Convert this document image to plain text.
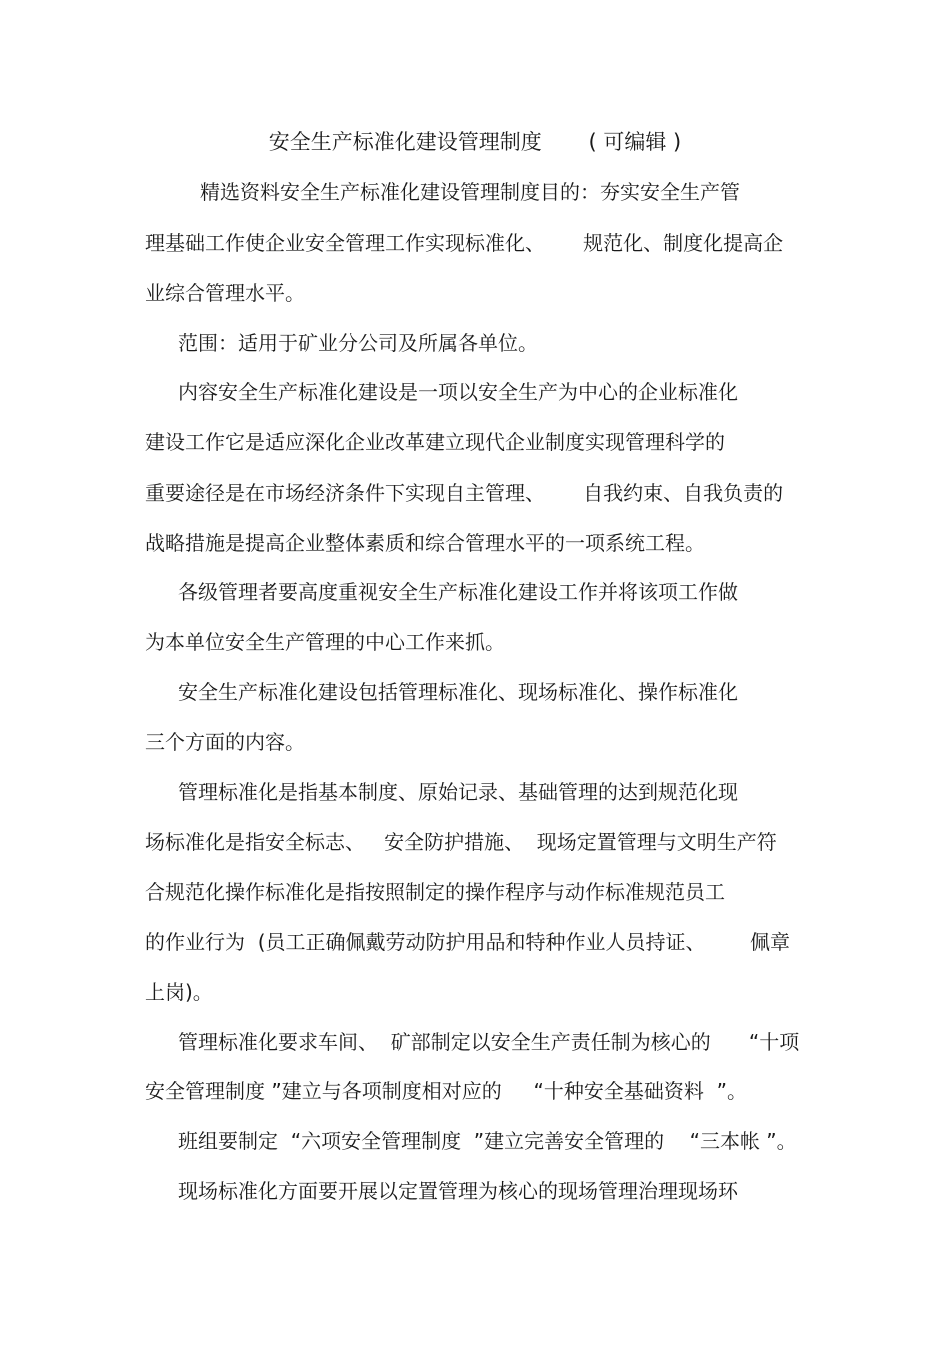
安全生产标准化建设管理制度       ( 可编辑 )
精选资料安全生产标准化建设管理制度目的：夯实安全生产管
理基础工作使企业安全管理工作实现标准化、      规范化、制度化提高企
业综合管理水平。
范围：适用于矿业分公司及所属各单位。
内容安全生产标准化建设是一项以安全生产为中心的企业标准化
建设工作它是适应深化企业改革建立现代企业制度实现管理科学的
重要途径是在市场经济条件下实现自主管理、      自我约束、自我负责的
战略措施是提高企业整体素质和综合管理水平的一项系统工程。
各级管理者要高度重视安全生产标准化建设工作并将该项工作做
为本单位安全生产管理的中心工作来抓。
安全生产标准化建设包括管理标准化、现场标准化、操作标准化
三个方面的内容。
管理标准化是指基本制度、原始记录、基础管理的达到规范化现
场标准化是指安全标志、   安全防护措施、  现场定置管理与文明生产符
合规范化操作标准化是指按照制定的操作程序与动作标准规范员工
的作业行为  (员工正确佩戴劳动防护用品和特种作业人员持证、       佩章
上岗)。
管理标准化要求车间、  矿部制定以安全生产责任制为核心的      “十项
安全管理制度 ”建立与各项制度相对应的     “十种安全基础资料  ”。
班组要制定  “六项安全管理制度  ”建立完善安全管理的    “三本帐 ”。
现场标准化方面要开展以定置管理为核心的现场管理治理现场环
